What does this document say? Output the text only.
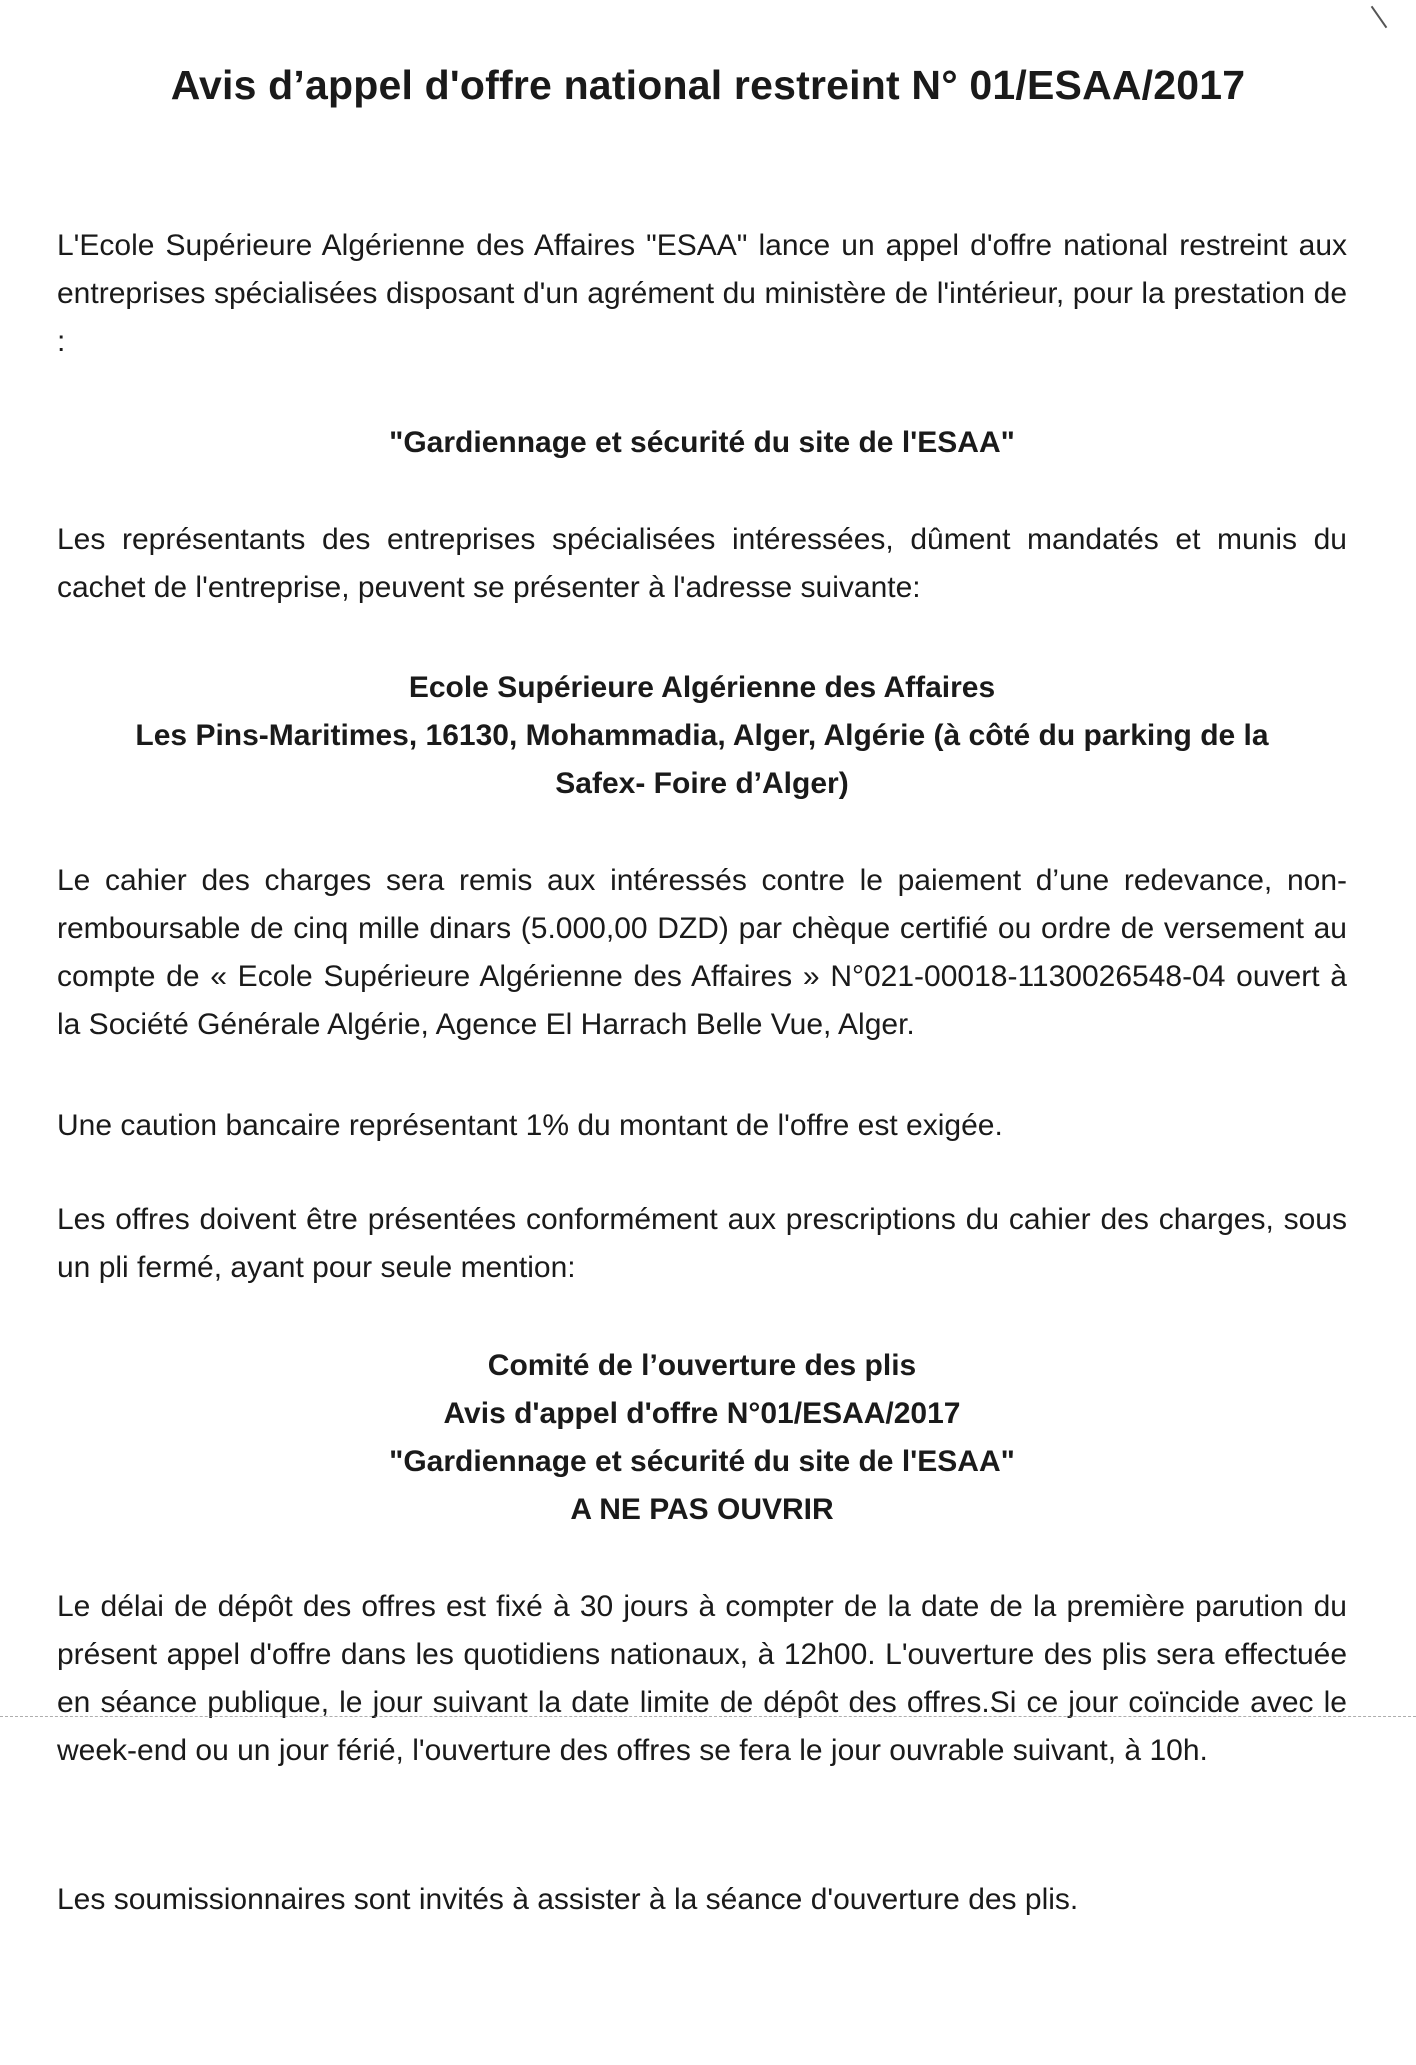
Avis d’appel d'offre national restreint N° 01/ESAA/2017

L'Ecole Supérieure Algérienne des Affaires "ESAA" lance un appel d'offre national restreint aux entreprises spécialisées disposant d'un agrément du ministère de l'intérieur, pour la prestation de :

"Gardiennage et sécurité du site de l'ESAA"

Les représentants des entreprises spécialisées intéressées, dûment mandatés et munis du cachet de l'entreprise, peuvent se présenter à l'adresse suivante:

Ecole Supérieure Algérienne des Affaires
Les Pins-Maritimes, 16130, Mohammadia, Alger, Algérie (à côté du parking de la
Safex- Foire d’Alger)

Le cahier des charges sera remis aux intéressés contre le paiement d’une redevance, non-remboursable de cinq mille dinars (5.000,00 DZD) par chèque certifié ou ordre de versement au compte de « Ecole Supérieure Algérienne des Affaires » N°021-00018-1130026548-04 ouvert à la Société Générale Algérie, Agence El Harrach Belle Vue, Alger.

Une caution bancaire représentant 1% du montant de l'offre est exigée.

Les offres doivent être présentées conformément aux prescriptions du cahier des charges, sous un pli fermé, ayant pour seule mention:

Comité de l’ouverture des plis
Avis d'appel d'offre N°01/ESAA/2017
"Gardiennage et sécurité du site de l'ESAA"
A NE PAS OUVRIR

Le délai de dépôt des offres est fixé à 30 jours à compter de la date de la première parution du présent appel d'offre dans les quotidiens nationaux, à 12h00. L'ouverture des plis sera effectuée en séance publique, le jour suivant la date limite de dépôt des offres.Si ce jour coïncide avec le week-end ou un jour férié, l'ouverture des offres se fera le jour ouvrable suivant, à 10h.

Les soumissionnaires sont invités à assister à la séance d'ouverture des plis.
